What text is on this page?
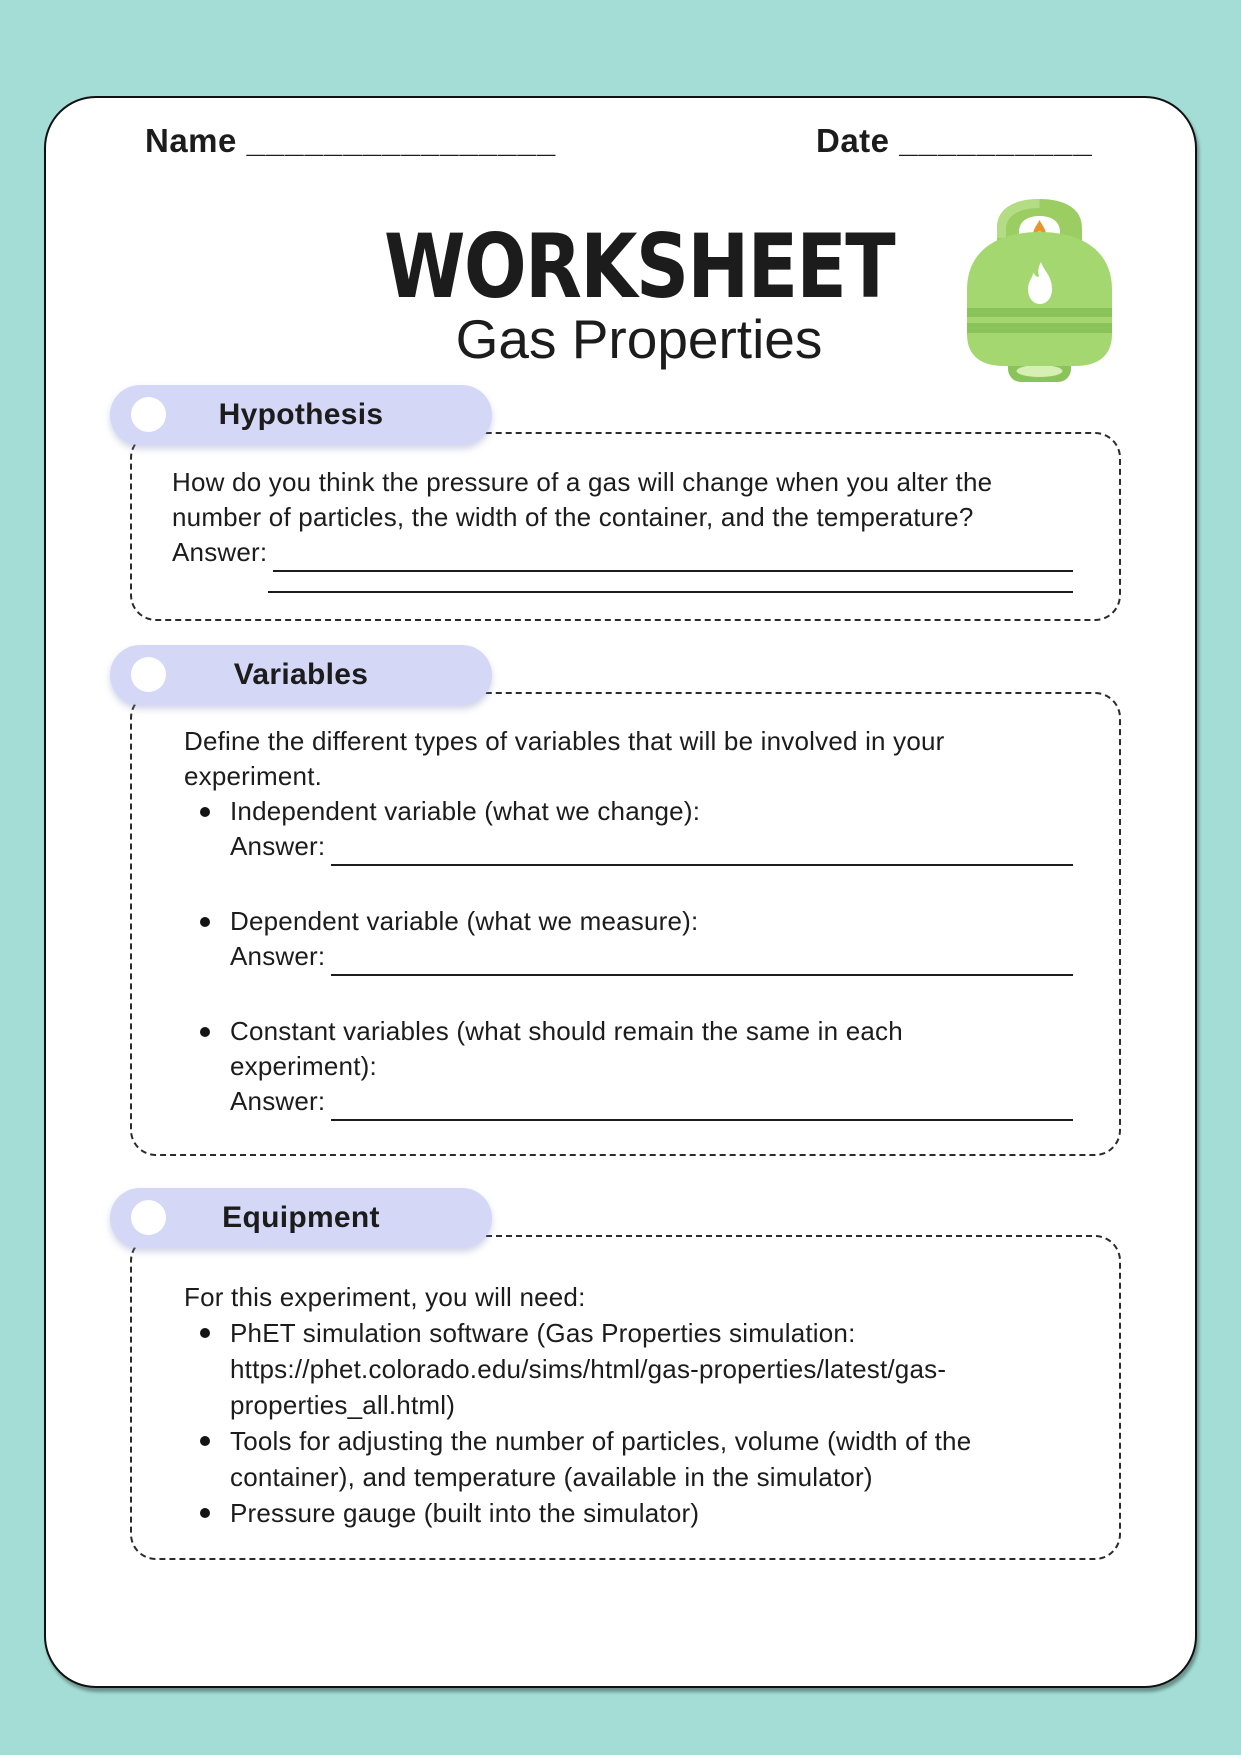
Name ________________	Date __________
WORKSHEET
Gas Properties
Hypothesis
How do you think the pressure of a gas will change when you alter the
number of particles, the width of the container, and the temperature?
Answer:
Variables
Define the different types of variables that will be involved in your
experiment.
Independent variable (what we change):
Answer:
Dependent variable (what we measure):
Answer:
Constant variables (what should remain the same in each
experiment):
Answer:
Equipment
For this experiment, you will need:
PhET simulation software (Gas Properties simulation:
https://phet.colorado.edu/sims/html/gas-properties/latest/gas-
properties_all.html)
Tools for adjusting the number of particles, volume (width of the
container), and temperature (available in the simulator)
Pressure gauge (built into the simulator)
